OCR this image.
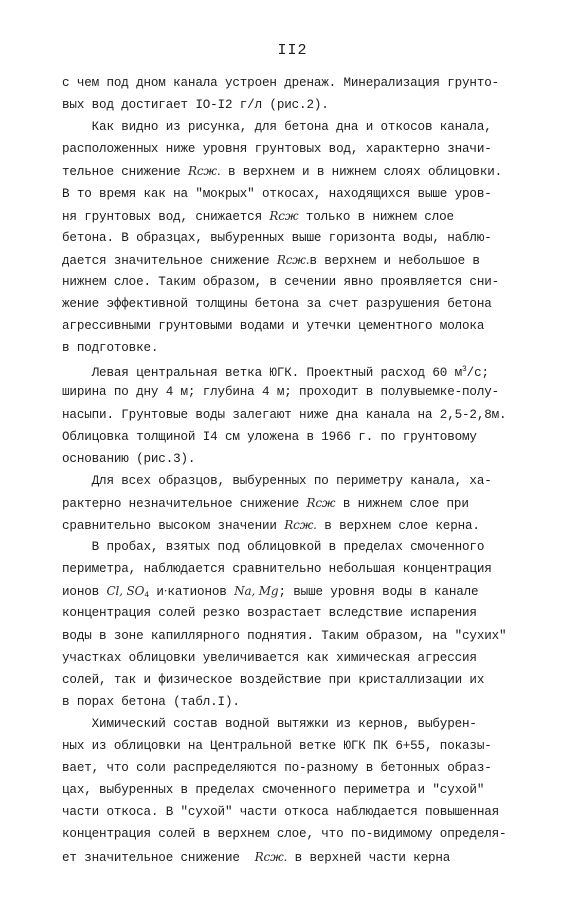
II2
с чем под дном канала устроен дренаж. Минерализация грунто-
вых вод достигает IO-I2 г/л (рис.2).
Как видно из рисунка, для бетона дна и откосов канала,
расположенных ниже уровня грунтовых вод, характерно значи-
тельное снижение Rсж. в верхнем и в нижнем слоях облицовки.
В то время как на "мокрых" откосах, находящихся выше уров-
ня грунтовых вод, снижается Rсж только в нижнем слое
бетона. В образцах, выбуренных выше горизонта воды, наблю-
дается значительное снижение Rсж.в верхнем и небольшое в
нижнем слое. Таким образом, в сечении явно проявляется сни-
жение эффективной толщины бетона за счет разрушения бетона
агрессивными грунтовыми водами и утечки цементного молока
в подготовке.
Левая центральная ветка ЮГК. Проектный расход 60 $м^3/с$;
ширина по дну 4 м; глубина 4 м; проходит в полувыемке-полу-
насыпи. Грунтовые воды залегают ниже дна канала на 2,5-2,8м.
Облицовка толщиной I4 см уложена в 1966 г. по грунтовому
основанию (рис.3).
Для всех образцов, выбуренных по периметру канала, ха-
рактерно незначительное снижение Rсж в нижнем слое при
сравнительно высоком значении Rсж. в верхнем слое керна.
В пробах, взятых под облицовкой в пределах смоченного
периметра, наблюдается сравнительно небольшая концентрация
ионов Cl, $SO_4$ и·катионов Na, Mg; выше уровня воды в канале
концентрация солей резко возрастает вследствие испарения
воды в зоне капиллярного поднятия. Таким образом, на "сухих"
участках облицовки увеличивается как химическая агрессия
солей, так и физическое воздействие при кристаллизации их
в порах бетона (табл.I).
Химический состав водной вытяжки из кернов, выбурен-
ных из облицовки на Центральной ветке ЮГК ПК 6+55, показы-
вает, что соли распределяются по-разному в бетонных образ-
цах, выбуренных в пределах смоченного периметра и "сухой"
части откоса. В "сухой" части откоса наблюдается повышенная
концентрация солей в верхнем слое, что по-видимому определя-
ет значительное снижение  Rсж. в верхней части керна
